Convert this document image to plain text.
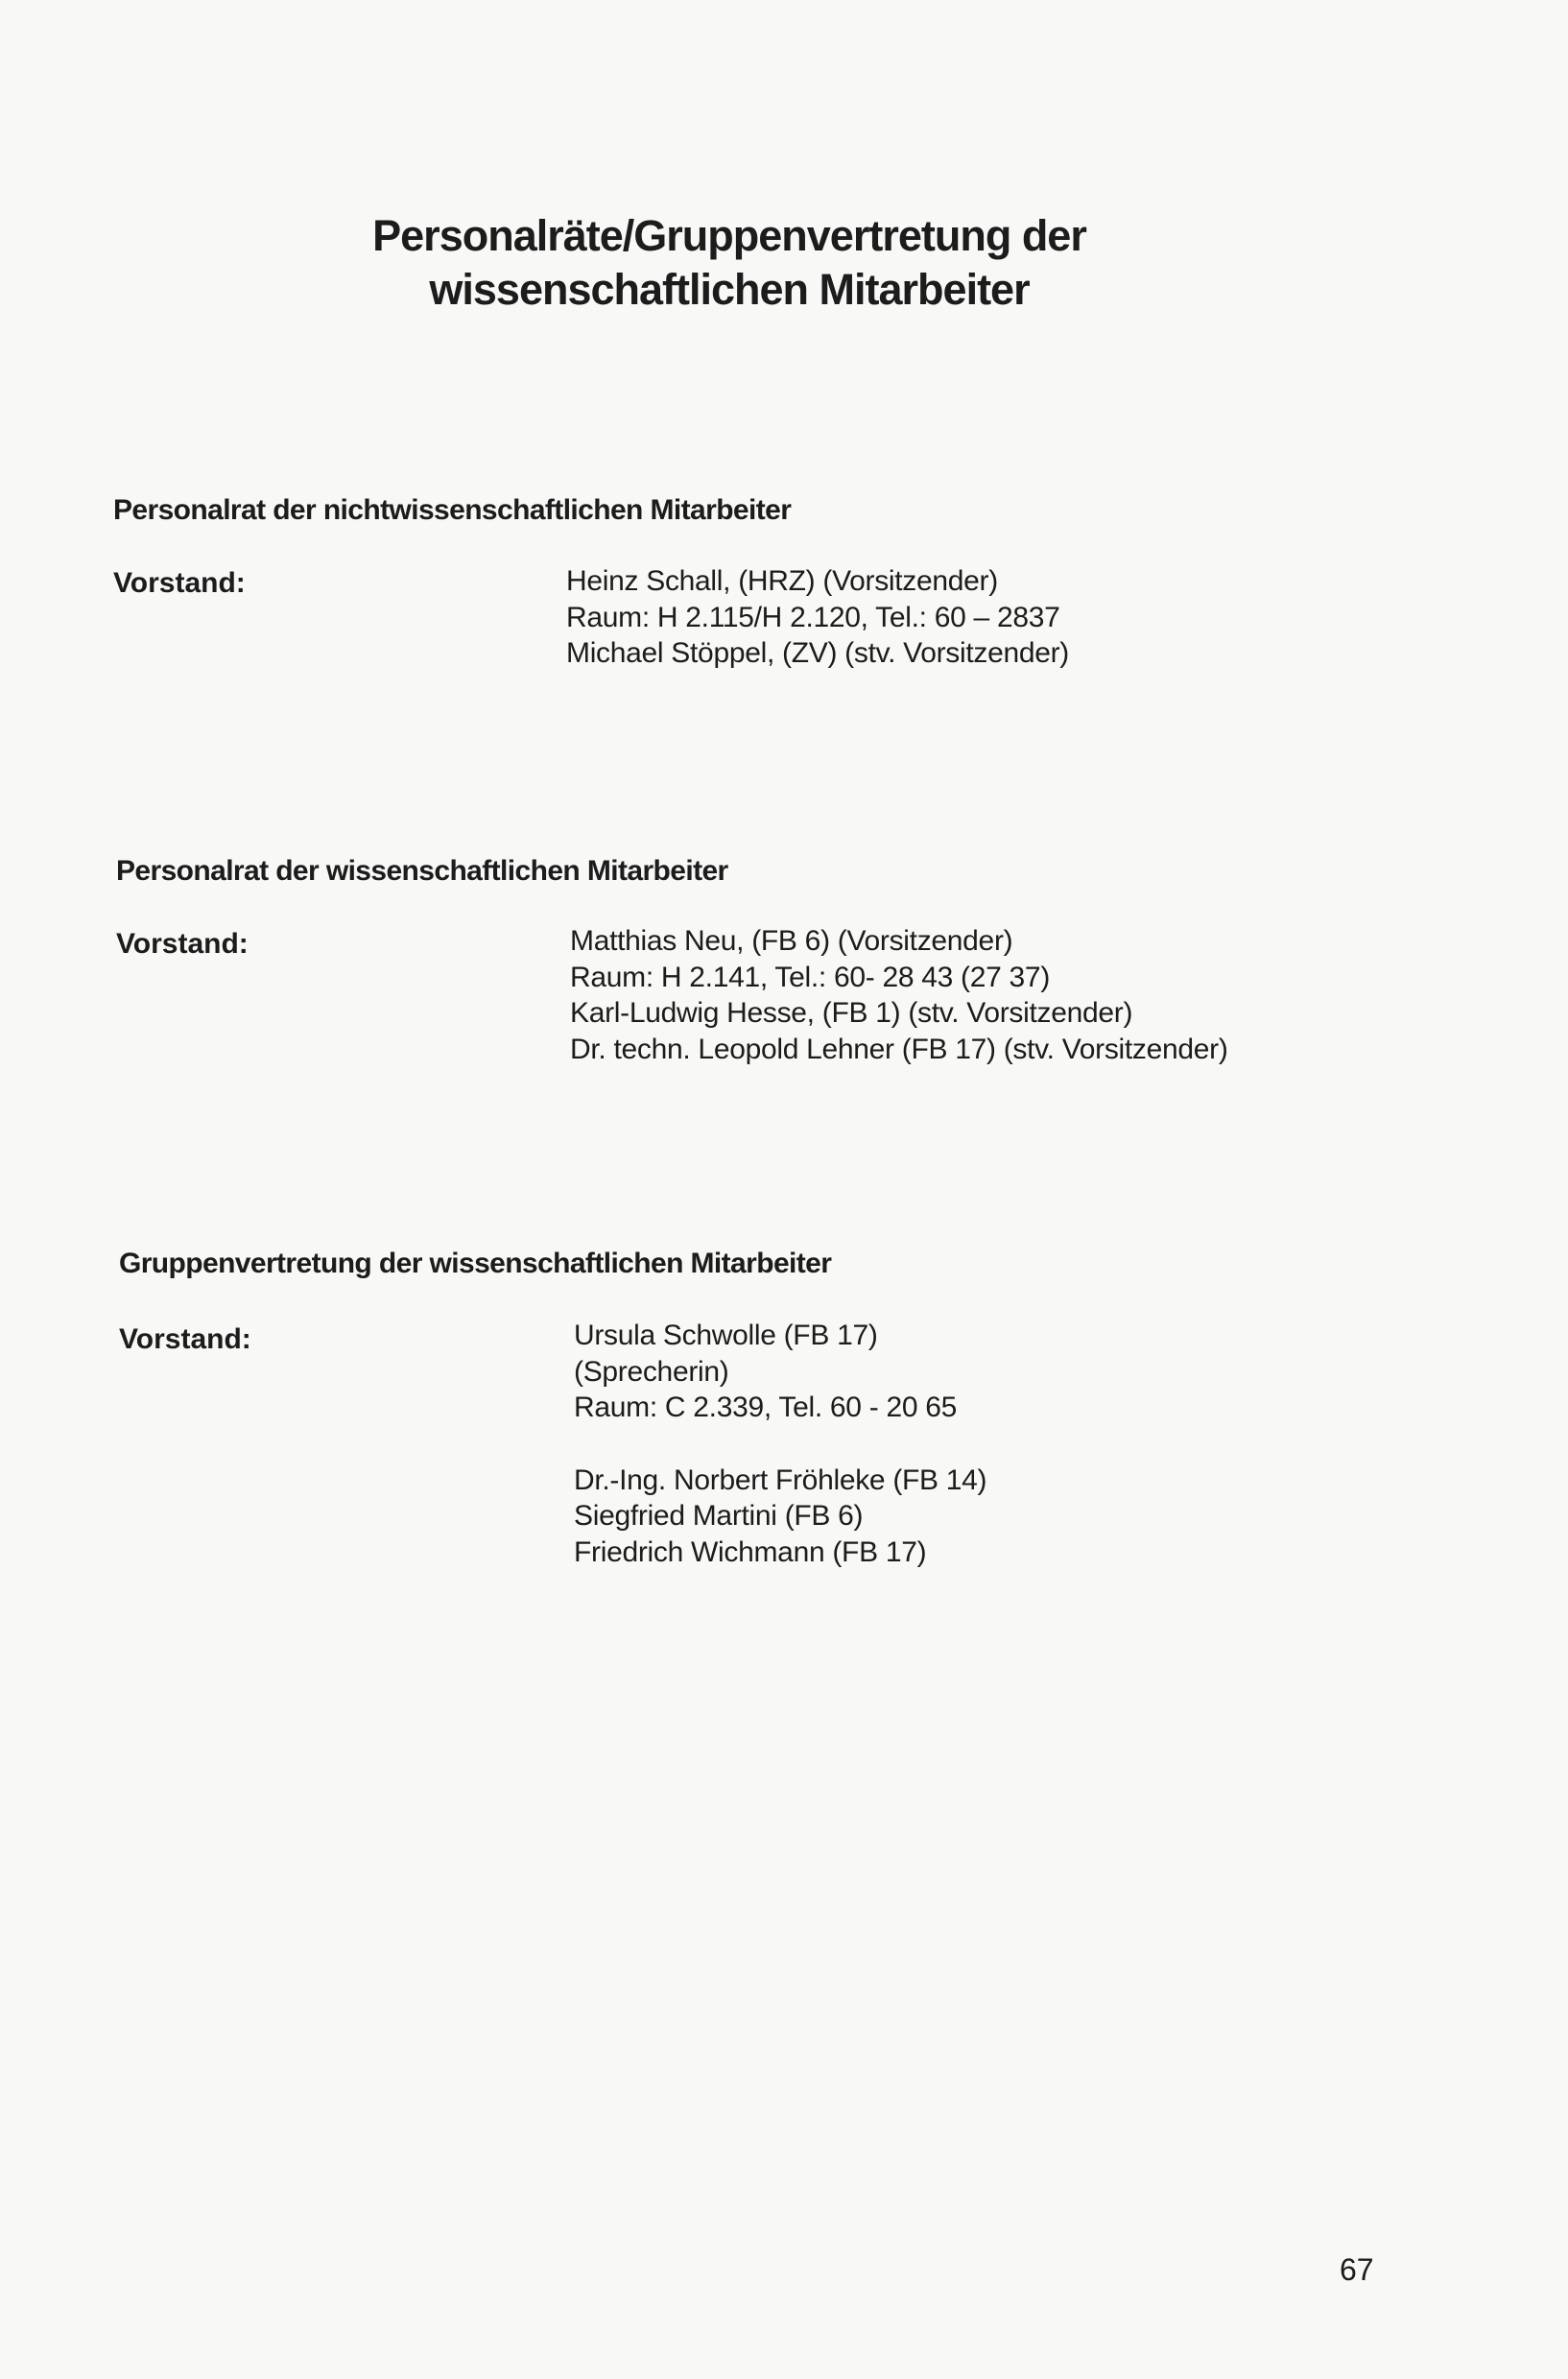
Personalräte/Gruppenvertretung der
wissenschaftlichen Mitarbeiter
Personalrat der nichtwissenschaftlichen Mitarbeiter
Vorstand:	Heinz Schall, (HRZ) (Vorsitzender)
Raum: H 2.115/H 2.120, Tel.: 60 – 2837
Michael Stöppel, (ZV) (stv. Vorsitzender)
Personalrat der wissenschaftlichen Mitarbeiter
Vorstand:	Matthias Neu, (FB 6) (Vorsitzender)
Raum: H 2.141, Tel.: 60- 28 43 (27 37)
Karl-Ludwig Hesse, (FB 1) (stv. Vorsitzender)
Dr. techn. Leopold Lehner (FB 17) (stv. Vorsitzender)
Gruppenvertretung der wissenschaftlichen Mitarbeiter
Vorstand:	Ursula Schwolle (FB 17)
(Sprecherin)
Raum: C 2.339, Tel. 60 - 20 65
Dr.-Ing. Norbert Fröhleke (FB 14)
Siegfried Martini (FB 6)
Friedrich Wichmann (FB 17)
67
